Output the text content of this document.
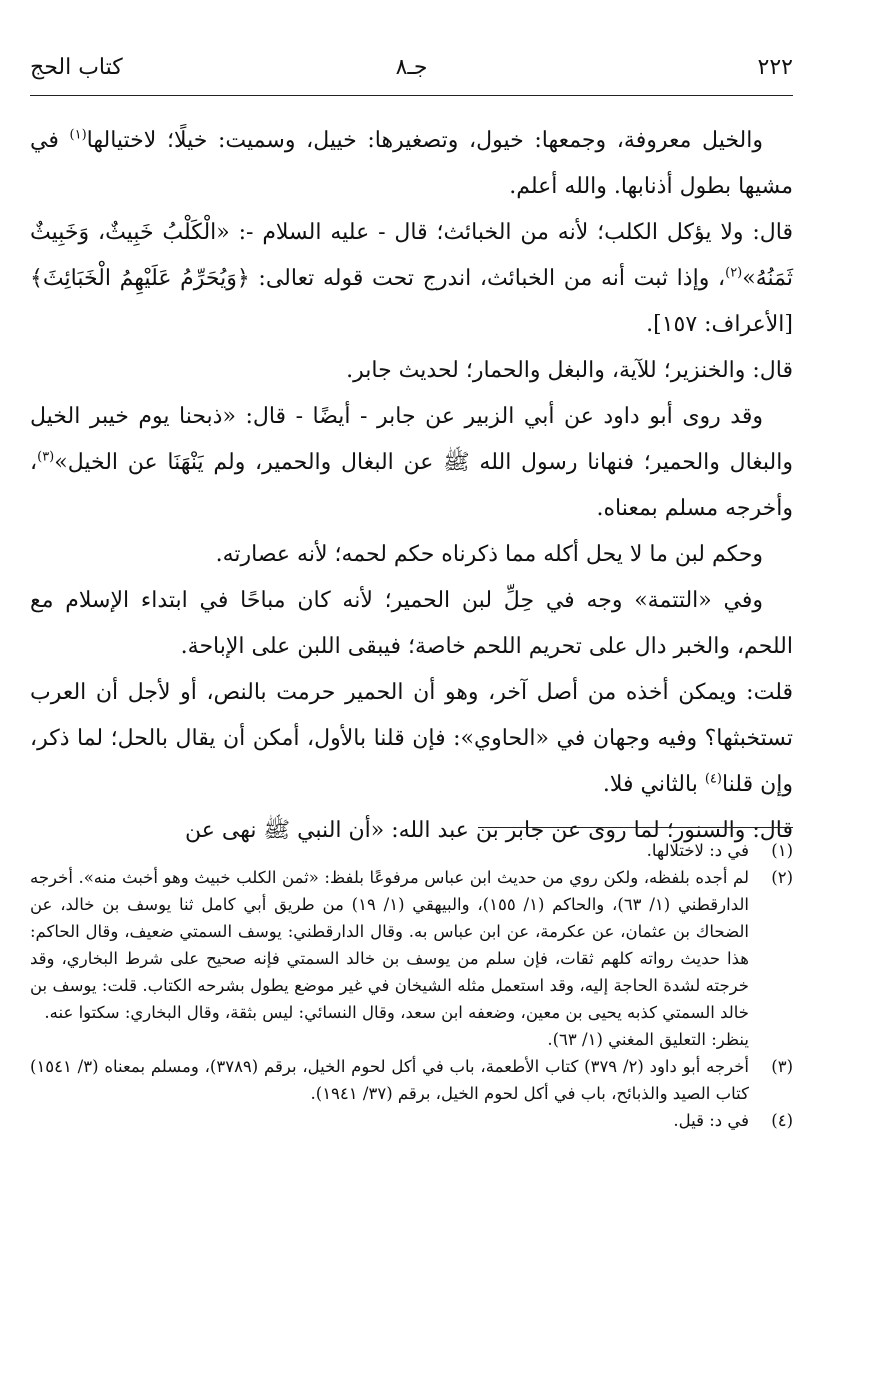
٢٢٢
جـ٨
كتاب الحج

والخيل معروفة، وجمعها: خيول، وتصغيرها: خييل، وسميت: خيلًا؛ لاختيالها$^{(١)}$ في مشيها بطول أذنابها. والله أعلم.

قال: ولا يؤكل الكلب؛ لأنه من الخبائث؛ قال - عليه السلام -: «الْكَلْبُ خَبِيثٌ، وَخَبِيثٌ ثَمَنُهُ»$^{(٢)}$، وإذا ثبت أنه من الخبائث، اندرج تحت قوله تعالى: ﴿وَيُحَرِّمُ عَلَيْهِمُ الْخَبَائِثَ﴾ [الأعراف: ١٥٧].

قال: والخنزير؛ للآية، والبغل والحمار؛ لحديث جابر.

وقد روى أبو داود عن أبي الزبير عن جابر - أيضًا - قال: «ذبحنا يوم خيبر الخيل والبغال والحمير؛ فنهانا رسول الله ﷺ عن البغال والحمير، ولم يَنْهَنَا عن الخيل»$^{(٣)}$، وأخرجه مسلم بمعناه.

وحكم لبن ما لا يحل أكله مما ذكرناه حكم لحمه؛ لأنه عصارته.

وفي «التتمة» وجه في حِلِّ لبن الحمير؛ لأنه كان مباحًا في ابتداء الإسلام مع اللحم، والخبر دال على تحريم اللحم خاصة؛ فيبقى اللبن على الإباحة.

قلت: ويمكن أخذه من أصل آخر، وهو أن الحمير حرمت بالنص، أو لأجل أن العرب تستخبثها؟ وفيه وجهان في «الحاوي»: فإن قلنا بالأول، أمكن أن يقال بالحل؛ لما ذكر، وإن قلنا$^{(٤)}$ بالثاني فلا.

قال: والسنور؛ لما روى عن جابر بن عبد الله: «أن النبي ﷺ نهى عن

(١)
في د: لاختلالها.
(٢)
لم أجده بلفظه، ولكن روي من حديث ابن عباس مرفوعًا بلفظ: «ثمن الكلب خبيث وهو أخبث منه». أخرجه الدارقطني (١/ ٦٣)، والحاكم (١/ ١٥٥)، والبيهقي (١/ ١٩) من طريق أبي كامل ثنا يوسف بن خالد، عن الضحاك بن عثمان، عن عكرمة، عن ابن عباس به. وقال الدارقطني: يوسف السمتي ضعيف، وقال الحاكم: هذا حديث رواته كلهم ثقات، فإن سلم من يوسف بن خالد السمتي فإنه صحيح على شرط البخاري، وقد خرجته لشدة الحاجة إليه، وقد استعمل مثله الشيخان في غير موضع يطول بشرحه الكتاب. قلت: يوسف بن خالد السمتي كذبه يحيى بن معين، وضعفه ابن سعد، وقال النسائي: ليس بثقة، وقال البخاري: سكتوا عنه.
ينظر: التعليق المغني (١/ ٦٣).
(٣)
أخرجه أبو داود (٢/ ٣٧٩) كتاب الأطعمة، باب في أكل لحوم الخيل، برقم (٣٧٨٩)، ومسلم بمعناه (٣/ ١٥٤١) كتاب الصيد والذبائح، باب في أكل لحوم الخيل، برقم (٣٧/ ١٩٤١).
(٤)
في د: قيل.
